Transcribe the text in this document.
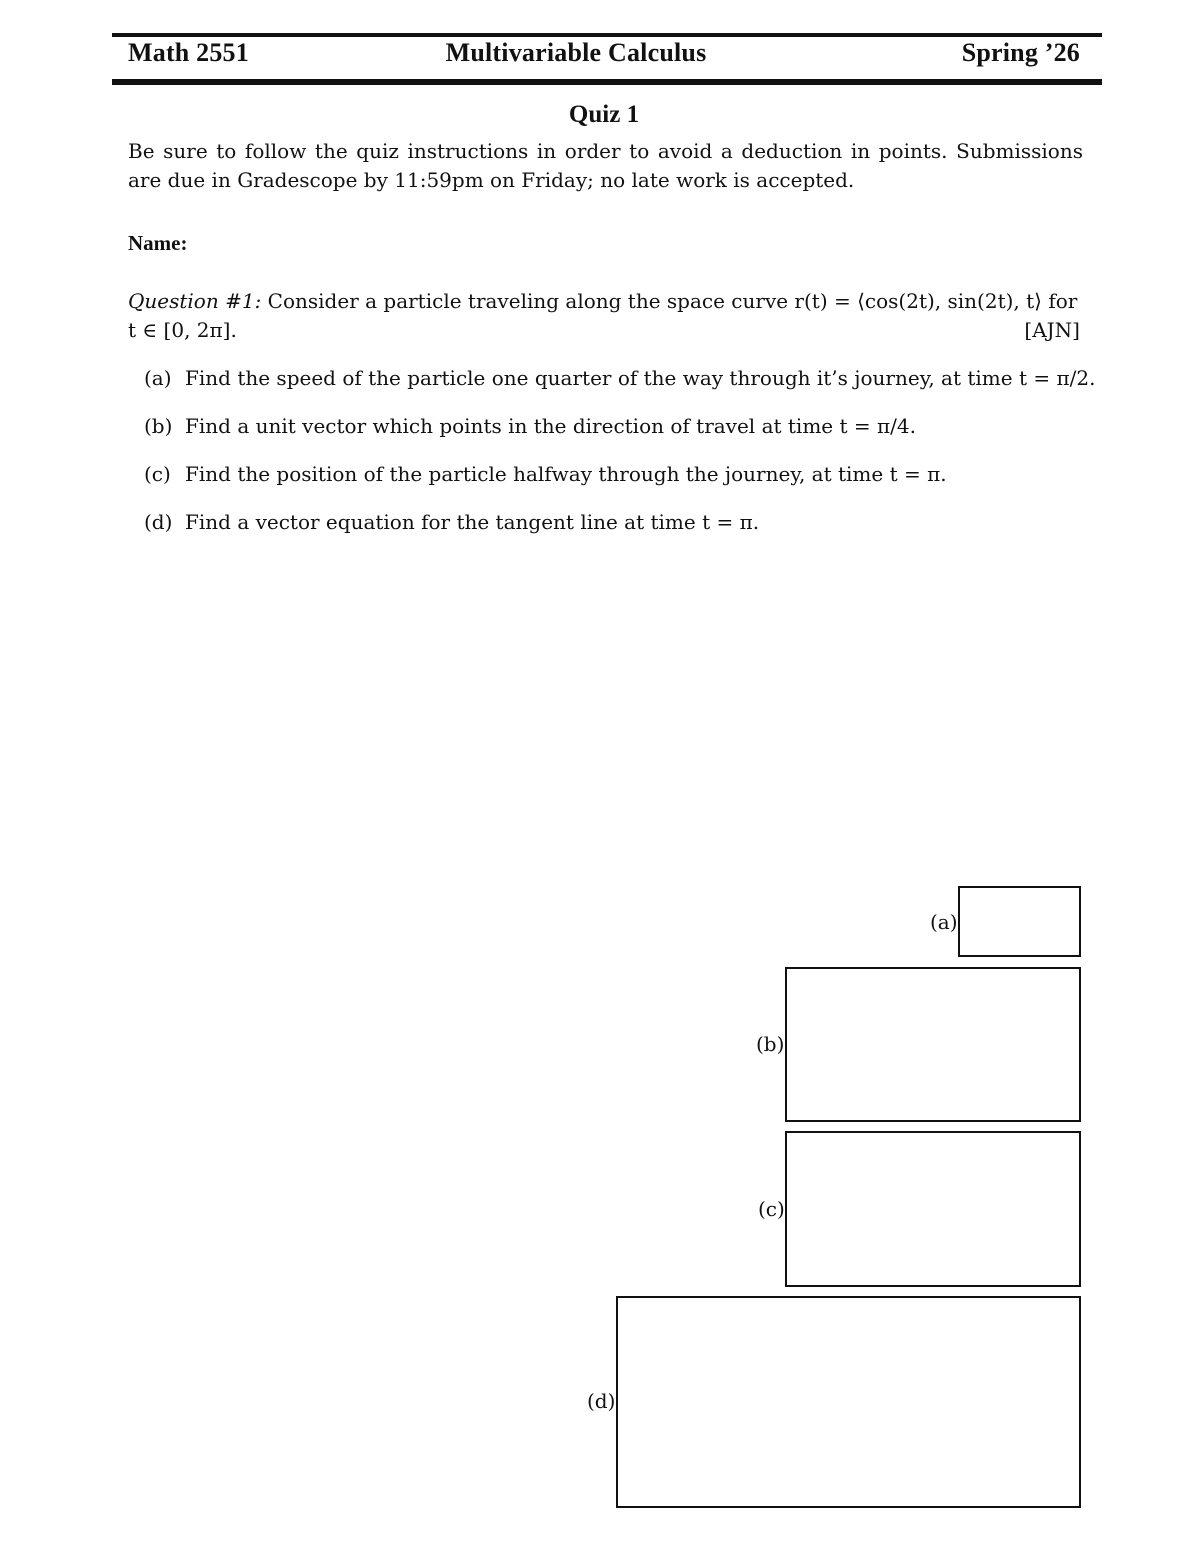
Math 2551	Multivariable Calculus	Spring ’26
Quiz 1
Be sure to follow the quiz instructions in order to avoid a deduction in points. Submissions are due in Gradescope by 11:59pm on Friday; no late work is accepted.
Name:
Question #1: Consider a particle traveling along the space curve r(t) = ⟨cos(2t), sin(2t), t⟩ for
t ∈ [0, 2π].	[AJN]
(a) Find the speed of the particle one quarter of the way through it’s journey, at time t = π/2.
(b) Find a unit vector which points in the direction of travel at time t = π/4.
(c) Find the position of the particle halfway through the journey, at time t = π.
(d) Find a vector equation for the tangent line at time t = π.
(a)
(b)
(c)
(d)
